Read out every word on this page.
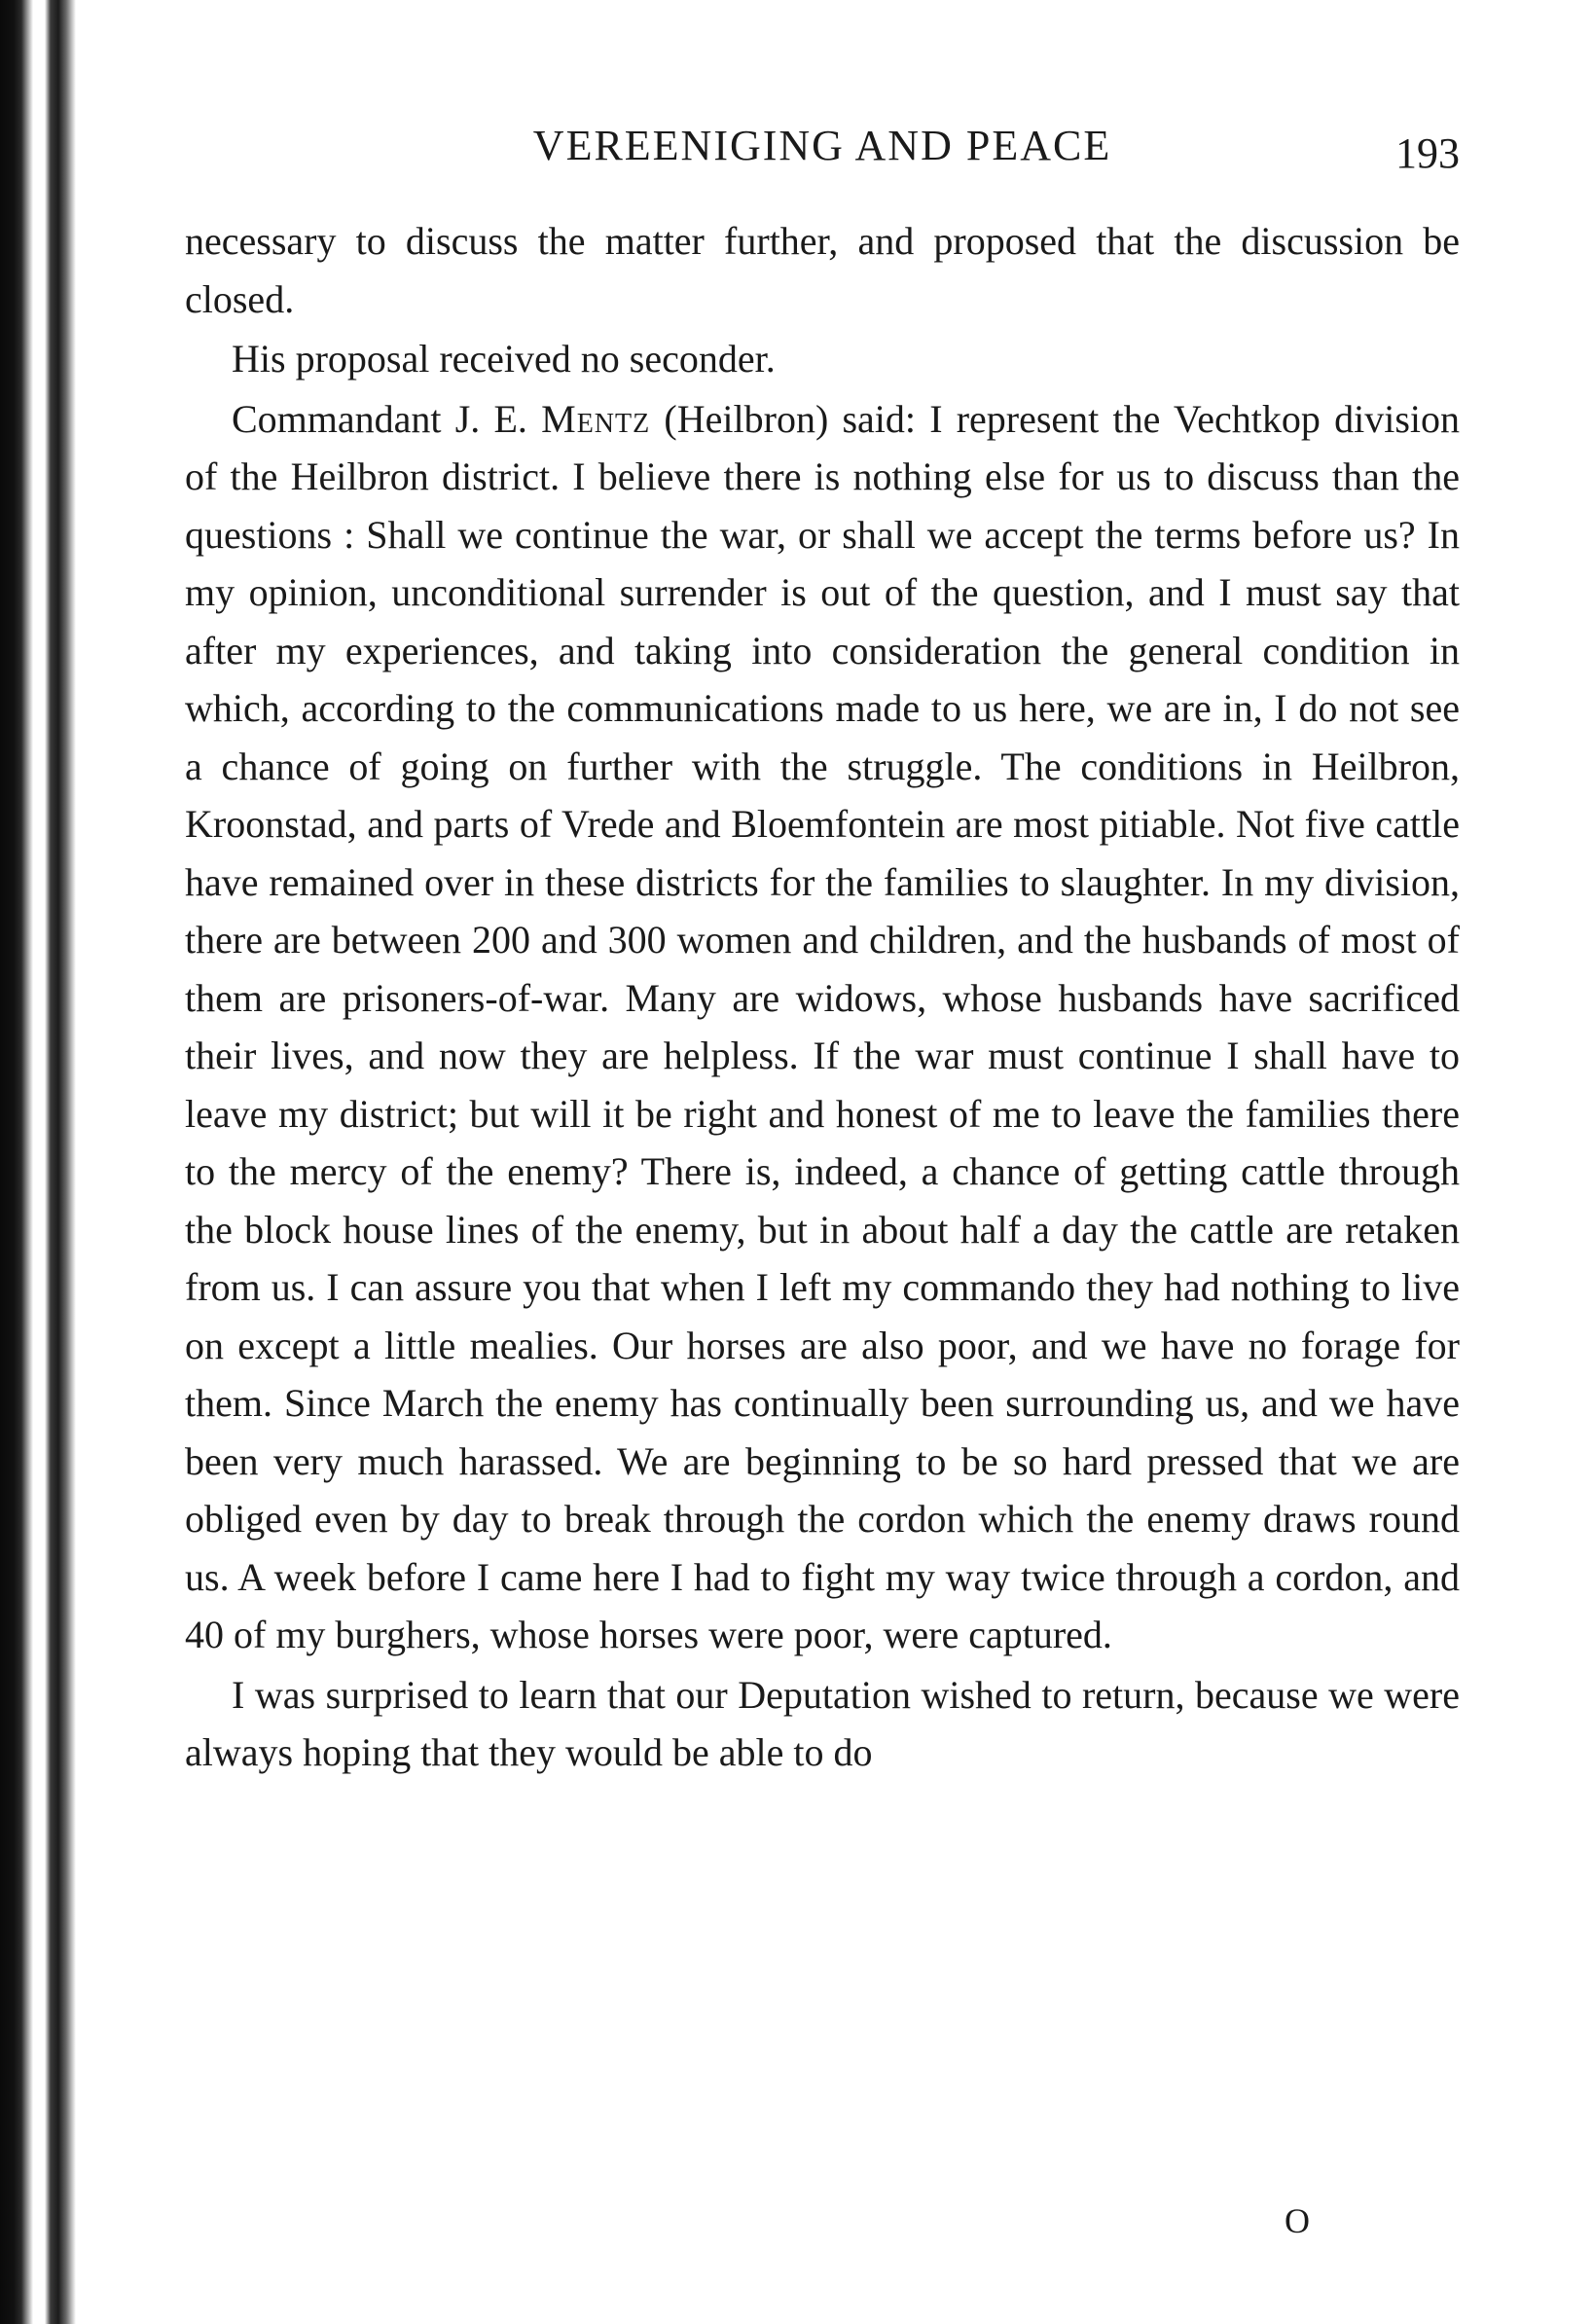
VEREENIGING AND PEACE	193

necessary to discuss the matter further, and proposed that the discussion be closed.

His proposal received no seconder.

Commandant J. E. Mentz (Heilbron) said: I represent the Vechtkop division of the Heilbron district. I believe there is nothing else for us to discuss than the questions : Shall we continue the war, or shall we accept the terms before us? In my opinion, unconditional surrender is out of the question, and I must say that after my experiences, and taking into consideration the general condition in which, according to the communications made to us here, we are in, I do not see a chance of going on further with the struggle. The conditions in Heilbron, Kroonstad, and parts of Vrede and Bloemfontein are most pitiable. Not five cattle have remained over in these districts for the families to slaughter. In my division, there are between 200 and 300 women and children, and the husbands of most of them are prisoners-of-war. Many are widows, whose husbands have sacrificed their lives, and now they are helpless. If the war must continue I shall have to leave my district; but will it be right and honest of me to leave the families there to the mercy of the enemy? There is, indeed, a chance of getting cattle through the block house lines of the enemy, but in about half a day the cattle are retaken from us. I can assure you that when I left my commando they had nothing to live on except a little mealies. Our horses are also poor, and we have no forage for them. Since March the enemy has continually been surrounding us, and we have been very much harassed. We are beginning to be so hard pressed that we are obliged even by day to break through the cordon which the enemy draws round us. A week before I came here I had to fight my way twice through a cordon, and 40 of my burghers, whose horses were poor, were captured.

I was surprised to learn that our Deputation wished to return, because we were always hoping that they would be able to do

O
